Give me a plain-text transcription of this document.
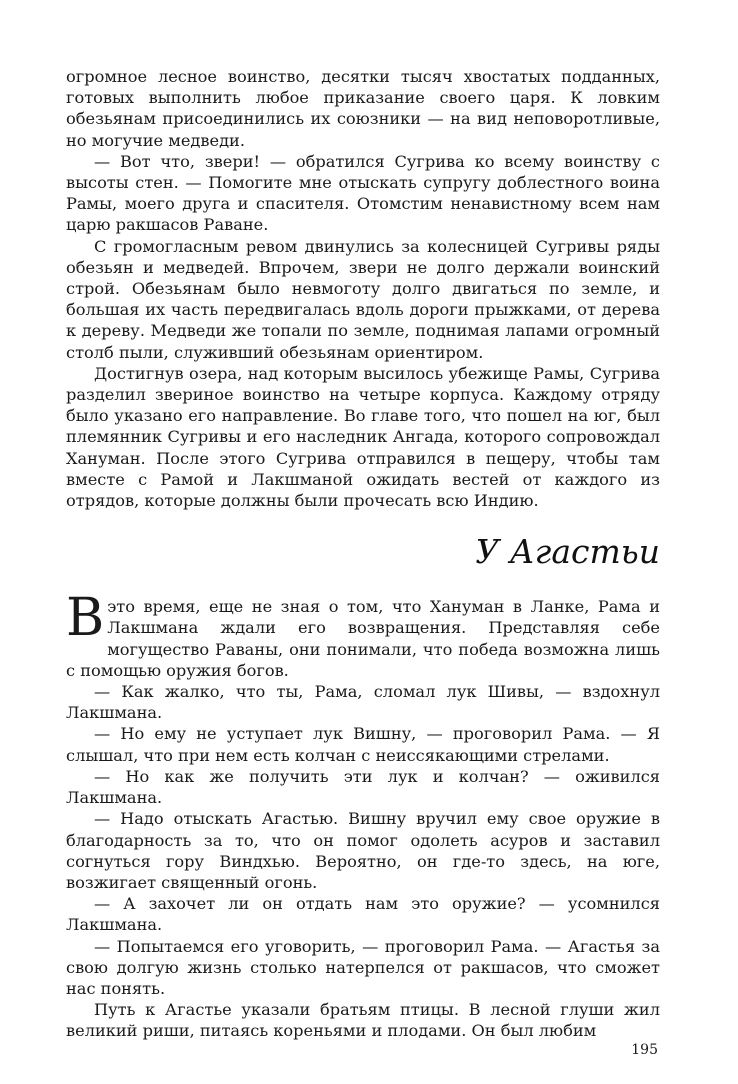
огромное лесное воинство, десятки тысяч хвостатых подданных, готовых выполнить любое приказание своего царя. К ловким обезьянам присоединились их союзники — на вид неповоротливые, но могучие медведи.

— Вот что, звери! — обратился Сугрива ко всему воинству с высоты стен. — Помогите мне отыскать супругу доблестного воина Рамы, моего друга и спасителя. Отомстим ненавистному всем нам царю ракшасов Раване.

С громогласным ревом двинулись за колесницей Сугривы ряды обезьян и медведей. Впрочем, звери не долго держали воинский строй. Обезьянам было невмоготу долго двигаться по земле, и большая их часть передвигалась вдоль дороги прыжками, от дерева к дереву. Медведи же топали по земле, поднимая лапами огромный столб пыли, служивший обезьянам ориентиром.

Достигнув озера, над которым высилось убежище Рамы, Сугрива разделил звериное воинство на четыре корпуса. Каждому отряду было указано его направление. Во главе того, что пошел на юг, был племянник Сугривы и его наследник Ангада, которого сопровождал Хануман. После этого Сугрива отправился в пещеру, чтобы там вместе с Рамой и Лакшманой ожидать вестей от каждого из отрядов, которые должны были прочесать всю Индию.

У Агастьи

Вэто время, еще не зная о том, что Хануман в Ланке, Рама и Лакшмана ждали его возвращения. Представляя себе могущество Раваны, они понимали, что победа возможна лишь с помощью оружия богов.

— Как жалко, что ты, Рама, сломал лук Шивы, — вздохнул Лакшмана.

— Но ему не уступает лук Вишну, — проговорил Рама. — Я слышал, что при нем есть колчан с неиссякающими стрелами.

— Но как же получить эти лук и колчан? — оживился Лакшмана.

— Надо отыскать Агастью. Вишну вручил ему свое оружие в благодарность за то, что он помог одолеть асуров и заставил согнуться гору Виндхью. Вероятно, он где-то здесь, на юге, возжигает священный огонь.

— А захочет ли он отдать нам это оружие? — усомнился Лакшмана.

— Попытаемся его уговорить, — проговорил Рама. — Агастья за свою долгую жизнь столько натерпелся от ракшасов, что сможет нас понять.

Путь к Агастье указали братьям птицы. В лесной глуши жил великий риши, питаясь кореньями и плодами. Он был любим

195
